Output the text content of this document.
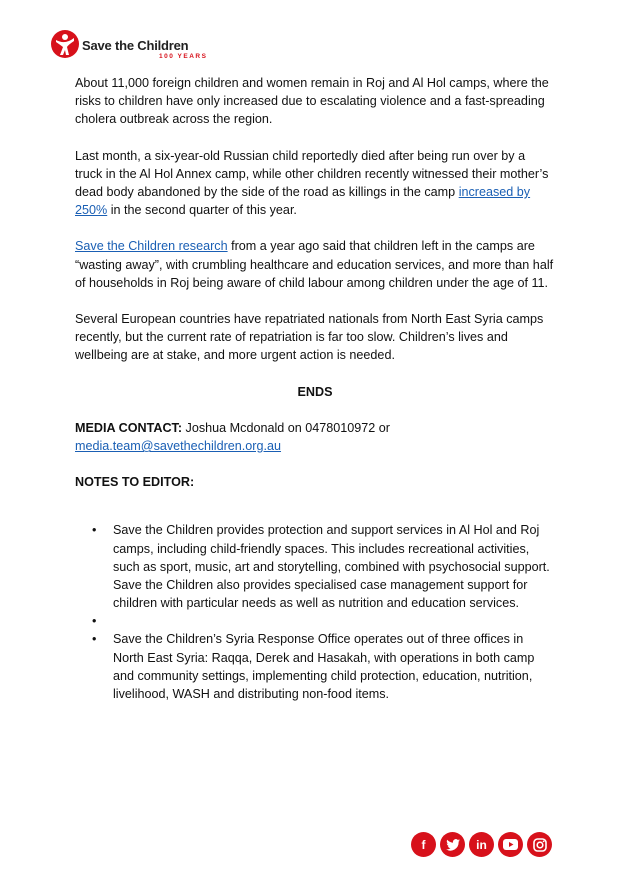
Save the Children
100 YEARS

About 11,000 foreign children and women remain in Roj and Al Hol camps, where the risks to children have only increased due to escalating violence and a fast-spreading cholera outbreak across the region.

Last month, a six-year-old Russian child reportedly died after being run over by a truck in the Al Hol Annex camp, while other children recently witnessed their mother’s dead body abandoned by the side of the road as killings in the camp increased by 250% in the second quarter of this year.

Save the Children research from a year ago said that children left in the camps are “wasting away”, with crumbling healthcare and education services, and more than half of households in Roj being aware of child labour among children under the age of 11.

Several European countries have repatriated nationals from North East Syria camps recently, but the current rate of repatriation is far too slow. Children’s lives and wellbeing are at stake, and more urgent action is needed.

ENDS

MEDIA CONTACT: Joshua Mcdonald on 0478010972 or
media.team@savethechildren.org.au

NOTES TO EDITOR:
• Save the Children provides protection and support services in Al Hol and Roj camps, including child-friendly spaces. This includes recreational activities, such as sport, music, art and storytelling, combined with psychosocial support. Save the Children also provides specialised case management support for children with particular needs as well as nutrition and education services.
•
• Save the Children’s Syria Response Office operates out of three offices in North East Syria: Raqqa, Derek and Hasakah, with operations in both camp and community settings, implementing child protection, education, nutrition, livelihood, WASH and distributing non-food items.
f	in
